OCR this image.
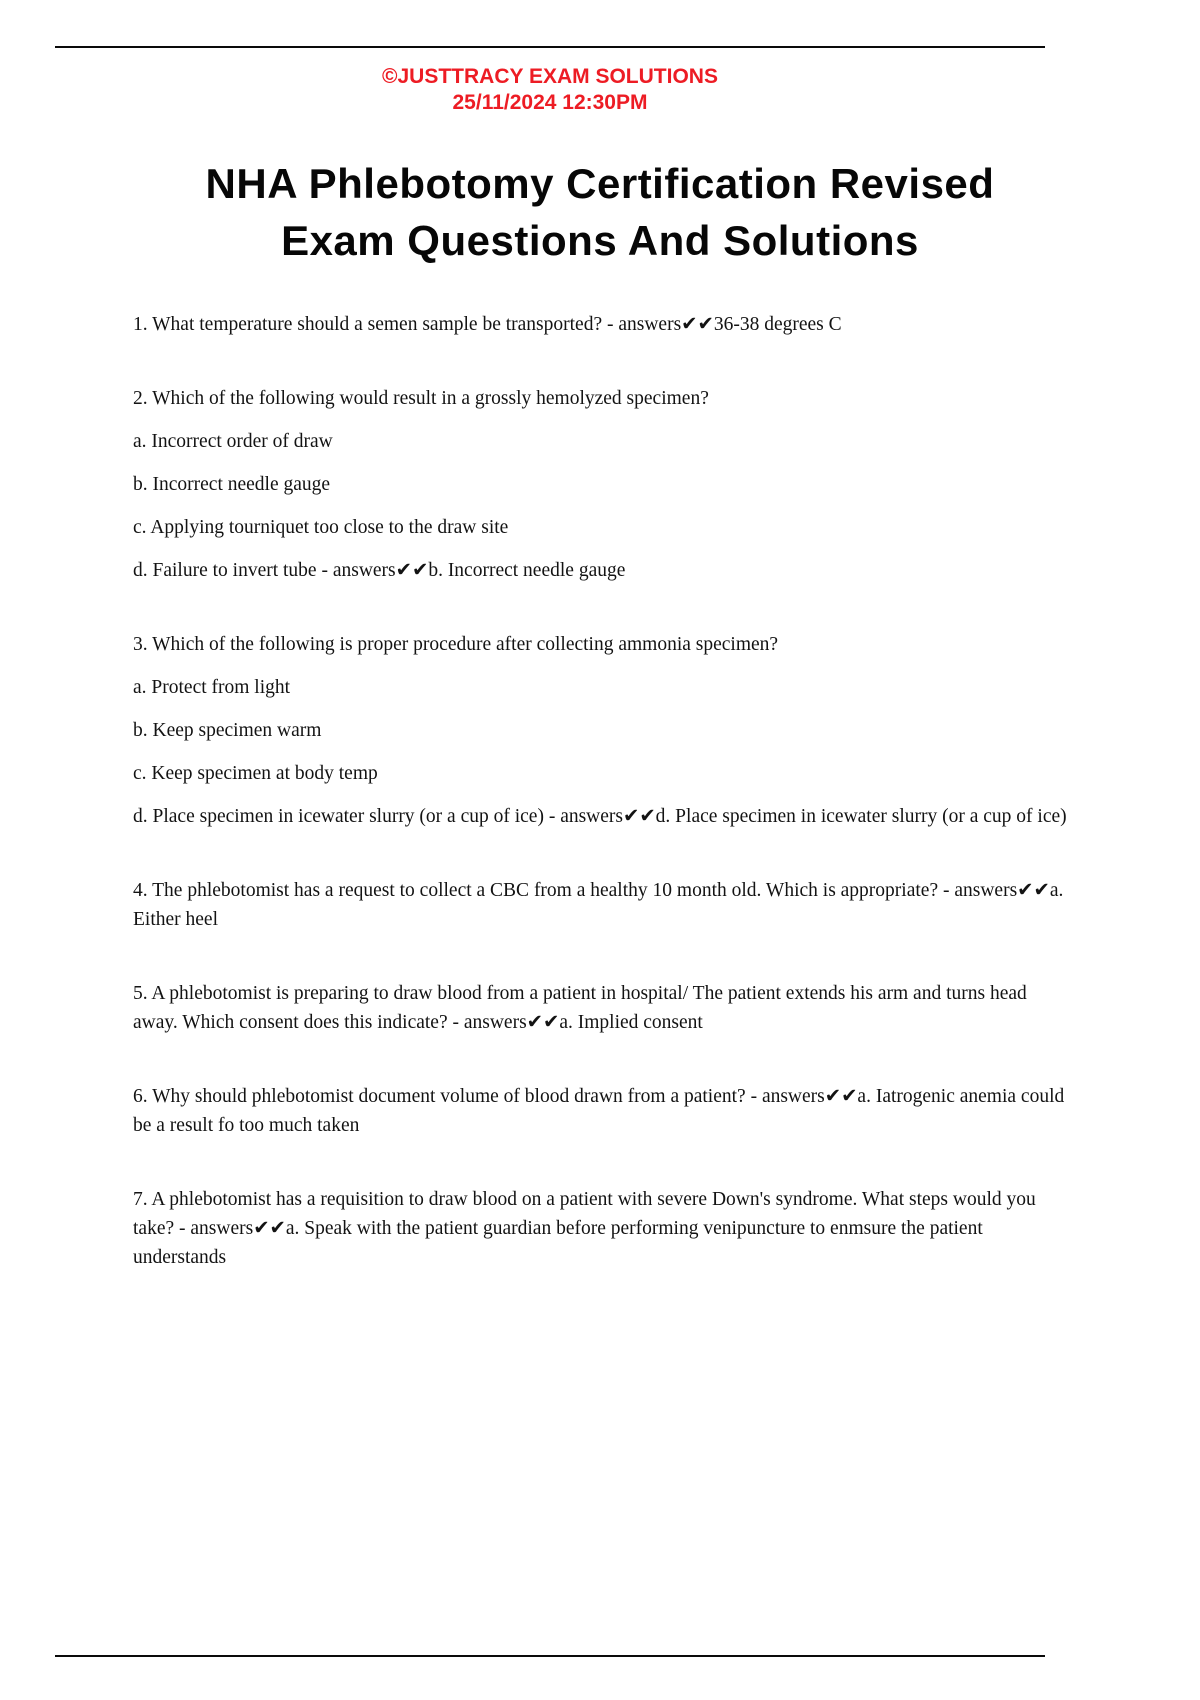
©JUSTTRACY EXAM SOLUTIONS
25/11/2024 12:30PM
NHA Phlebotomy Certification Revised
Exam Questions And Solutions

1. What temperature should a semen sample be transported? - answers✔✔36-38 degrees C

2. Which of the following would result in a grossly hemolyzed specimen?

a. Incorrect order of draw

b. Incorrect needle gauge

c. Applying tourniquet too close to the draw site

d. Failure to invert tube - answers✔✔b. Incorrect needle gauge

3. Which of the following is proper procedure after collecting ammonia specimen?

a. Protect from light

b. Keep specimen warm

c. Keep specimen at body temp

d. Place specimen in icewater slurry (or a cup of ice) - answers✔✔d. Place specimen in icewater slurry (or a cup of ice)

4. The phlebotomist has a request to collect a CBC from a healthy 10 month old. Which is appropriate? - answers✔✔a. Either heel

5. A phlebotomist is preparing to draw blood from a patient in hospital/ The patient extends his arm and turns head away. Which consent does this indicate? - answers✔✔a. Implied consent

6. Why should phlebotomist document volume of blood drawn from a patient? - answers✔✔a. Iatrogenic anemia could be a result fo too much taken

7. A phlebotomist has a requisition to draw blood on a patient with severe Down's syndrome. What steps would you take? - answers✔✔a. Speak with the patient guardian before performing venipuncture to enmsure the patient understands
